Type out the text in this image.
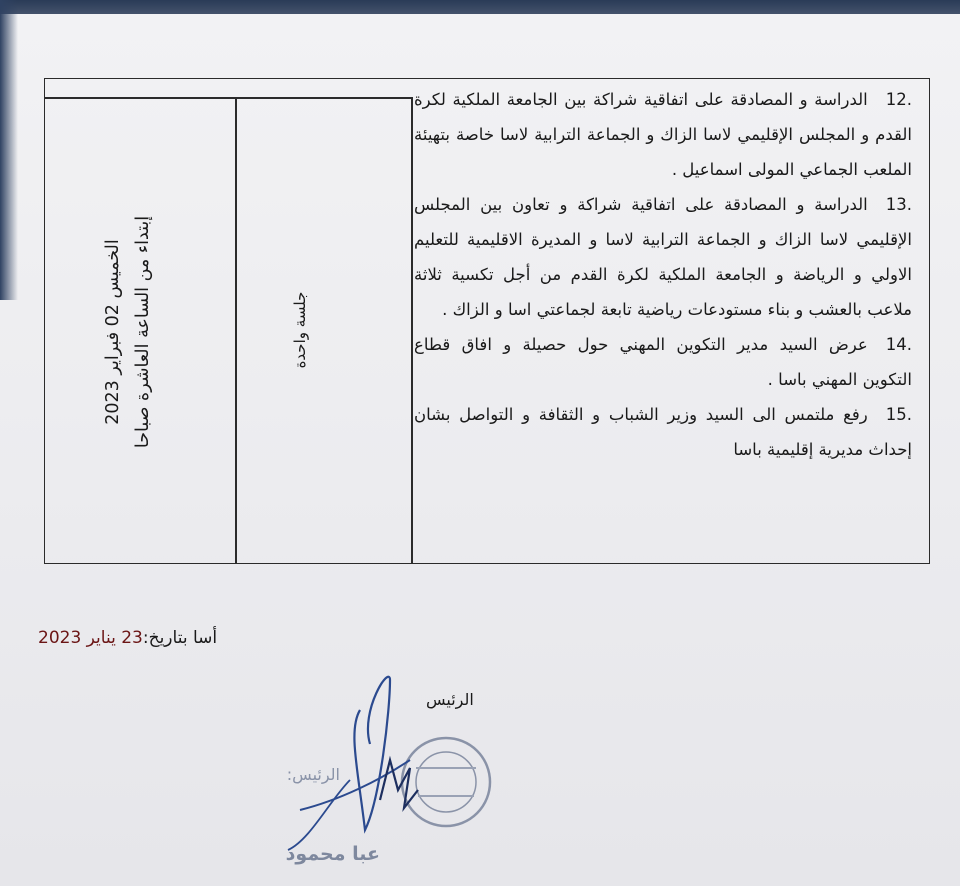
12.الدراسة و المصادقة على اتفاقية شراكة بين الجامعة الملكية لكرة القدم و المجلس الإقليمي لاسا الزاك و الجماعة الترابية لاسا خاصة بتهيئة الملعب الجماعي المولى اسماعيل .

13.الدراسة و المصادقة على اتفاقية شراكة و تعاون بين المجلس الإقليمي لاسا الزاك و الجماعة الترابية لاسا و المديرة الاقليمية للتعليم الاولي و الرياضة و الجامعة الملكية لكرة القدم من أجل تكسية ثلاثة ملاعب بالعشب و بناء مستودعات رياضية تابعة لجماعتي اسا و الزاك .

14.عرض السيد مدير التكوين المهني حول حصيلة و افاق قطاع التكوين المهني باسا .

15.رفع ملتمس الى السيد وزير الشباب و الثقافة و التواصل بشان إحداث مديرية إقليمية باسا

الخميس 02 فبراير 2023 إبتداء من الساعة العاشرة صباحا	جلسة واحدة
أسا بتاريخ:23 يناير 2023
الرئيس
الرئيس:
عبا محمود
